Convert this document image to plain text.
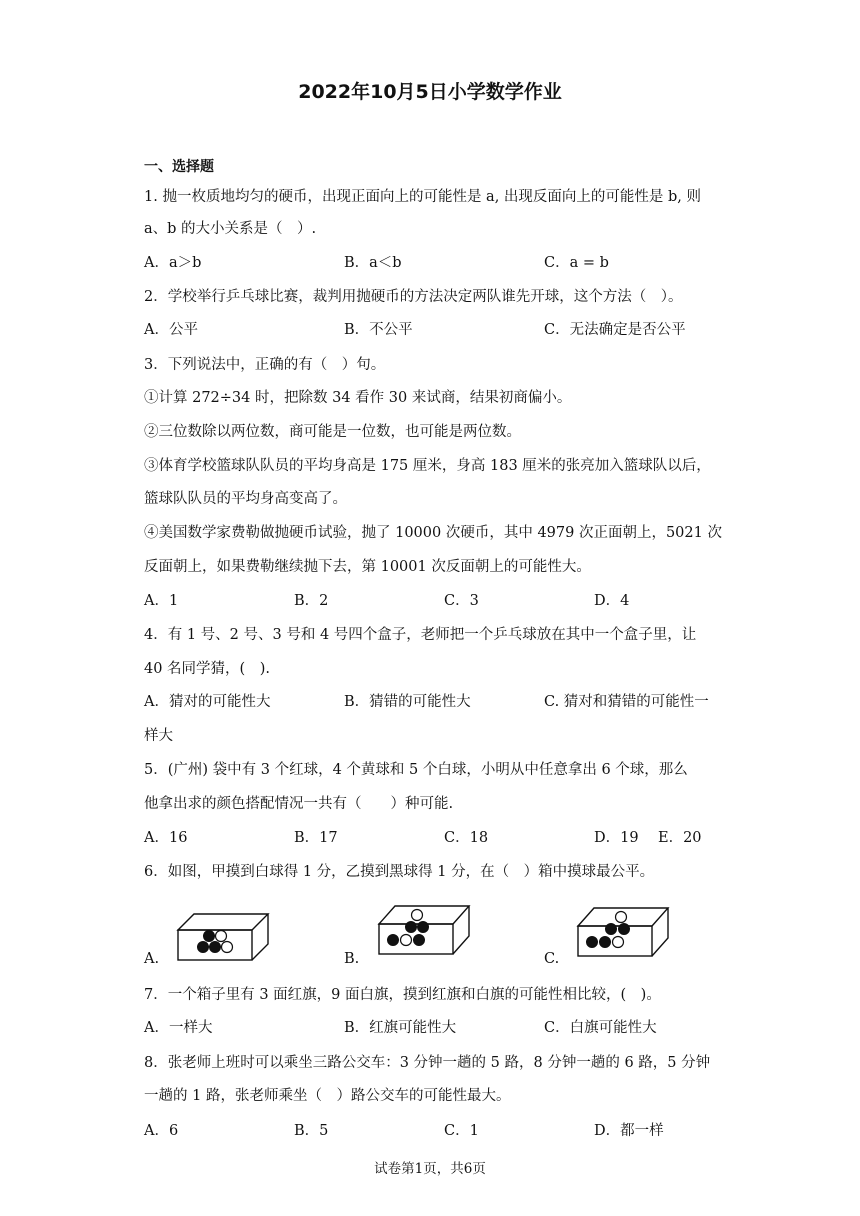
2022年10月5日小学数学作业
一、选择题
1. 抛一枚质地均匀的硬币，出现正面向上的可能性是 a, 出现反面向上的可能性是 b, 则
a、b 的大小关系是（　）.
A．a＞b	B．a＜b	C．a = b
2．学校举行乒乓球比赛，裁判用抛硬币的方法决定两队谁先开球，这个方法（　）。
A．公平	B．不公平	C．无法确定是否公平
3．下列说法中，正确的有（　）句。
①计算 272÷34 时，把除数 34 看作 30 来试商，结果初商偏小。
②三位数除以两位数，商可能是一位数，也可能是两位数。
③体育学校篮球队队员的平均身高是 175 厘米，身高 183 厘米的张亮加入篮球队以后，
篮球队队员的平均身高变高了。
④美国数学家费勒做抛硬币试验，抛了 10000 次硬币，其中 4979 次正面朝上，5021 次
反面朝上，如果费勒继续抛下去，第 10001 次反面朝上的可能性大。
A．1	B．2	C．3	D．4
4．有 1 号、2 号、3 号和 4 号四个盒子，老师把一个乒乓球放在其中一个盒子里，让
40 名同学猜，(　).
A．猜对的可能性大	B．猜错的可能性大	C. 猜对和猜错的可能性一
样大
5．(广州) 袋中有 3 个红球，4 个黄球和 5 个白球，小明从中任意拿出 6 个球，那么
他拿出求的颜色搭配情况一共有（　　）种可能.
A．16	B．17	C．18	D．19 E．20
6．如图，甲摸到白球得 1 分，乙摸到黑球得 1 分，在（　）箱中摸球最公平。
A.	B.	C.
7．一个箱子里有 3 面红旗，9 面白旗，摸到红旗和白旗的可能性相比较，(　)。
A．一样大	B．红旗可能性大	C．白旗可能性大
8．张老师上班时可以乘坐三路公交车：3 分钟一趟的 5 路，8 分钟一趟的 6 路，5 分钟
一趟的 1 路，张老师乘坐（　）路公交车的可能性最大。
A．6	B．5	C．1	D．都一样
试卷第1页，共6页
